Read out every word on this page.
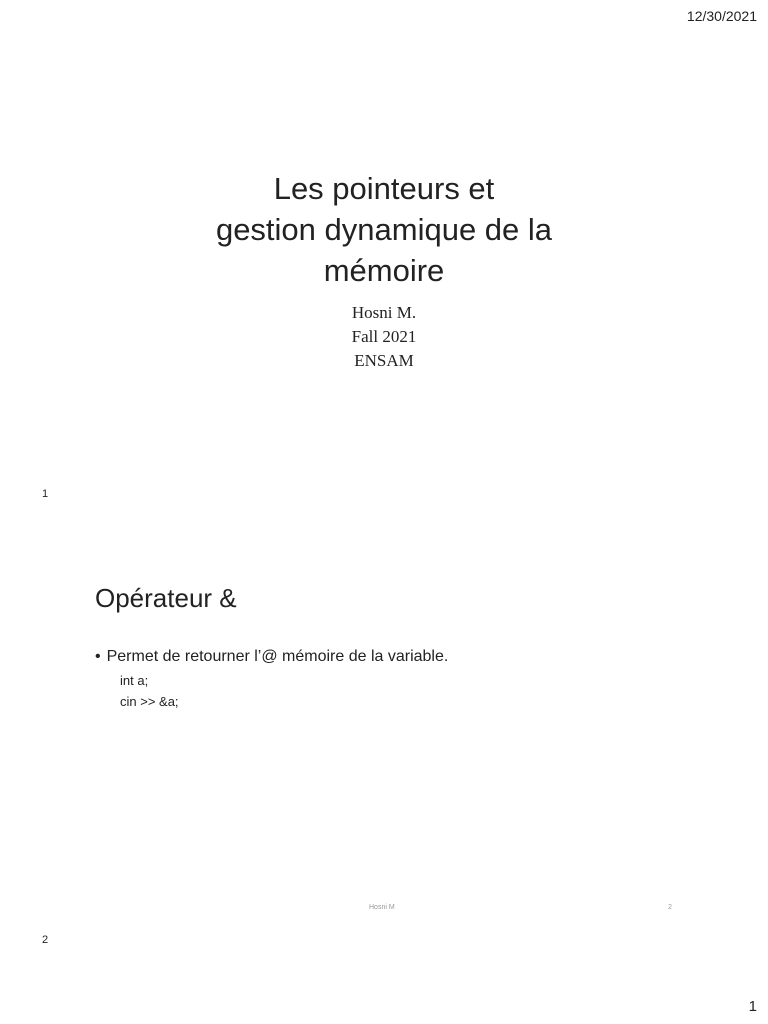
12/30/2021
Les pointeurs et
gestion dynamique de la
mémoire
Hosni M.
Fall 2021
ENSAM
1
Opérateur &
• Permet de retourner l’@ mémoire de la variable.
int a;
cin >> &a;
Hosni M	2
2
1
